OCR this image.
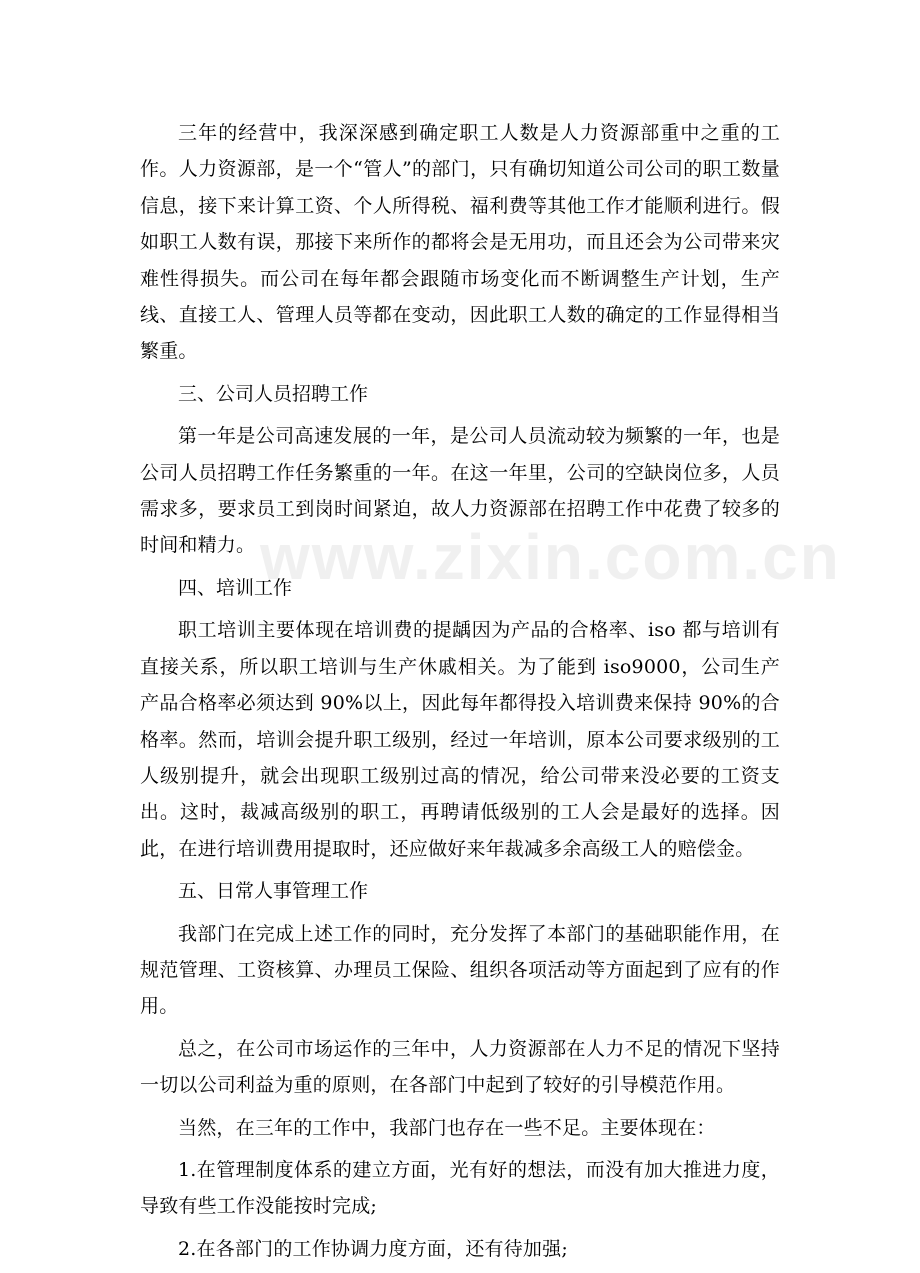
三年的经营中，我深深感到确定职工人数是人力资源部重中之重的工作。人力资源部，是一个“管人”的部门，只有确切知道公司公司的职工数量信息，接下来计算工资、个人所得税、福利费等其他工作才能顺利进行。假如职工人数有误，那接下来所作的都将会是无用功，而且还会为公司带来灾难性得损失。而公司在每年都会跟随市场变化而不断调整生产计划，生产线、直接工人、管理人员等都在变动，因此职工人数的确定的工作显得相当繁重。

三、公司人员招聘工作

第一年是公司高速发展的一年，是公司人员流动较为频繁的一年，也是公司人员招聘工作任务繁重的一年。在这一年里，公司的空缺岗位多，人员需求多，要求员工到岗时间紧迫，故人力资源部在招聘工作中花费了较多的时间和精力。

四、培训工作

职工培训主要体现在培训费的提龋因为产品的合格率、iso 都与培训有直接关系，所以职工培训与生产休戚相关。为了能到 iso9000，公司生产产品合格率必须达到 90%以上，因此每年都得投入培训费来保持 90%的合格率。然而，培训会提升职工级别，经过一年培训，原本公司要求级别的工人级别提升，就会出现职工级别过高的情况，给公司带来没必要的工资支出。这时，裁减高级别的职工，再聘请低级别的工人会是最好的选择。因此，在进行培训费用提取时，还应做好来年裁减多余高级工人的赔偿金。

五、日常人事管理工作

我部门在完成上述工作的同时，充分发挥了本部门的基础职能作用，在规范管理、工资核算、办理员工保险、组织各项活动等方面起到了应有的作用。

总之，在公司市场运作的三年中，人力资源部在人力不足的情况下坚持一切以公司利益为重的原则，在各部门中起到了较好的引导模范作用。

当然，在三年的工作中，我部门也存在一些不足。主要体现在：

1.在管理制度体系的建立方面，光有好的想法，而没有加大推进力度，导致有些工作没能按时完成;

2.在各部门的工作协调力度方面，还有待加强;

www.zixin.com.cn
